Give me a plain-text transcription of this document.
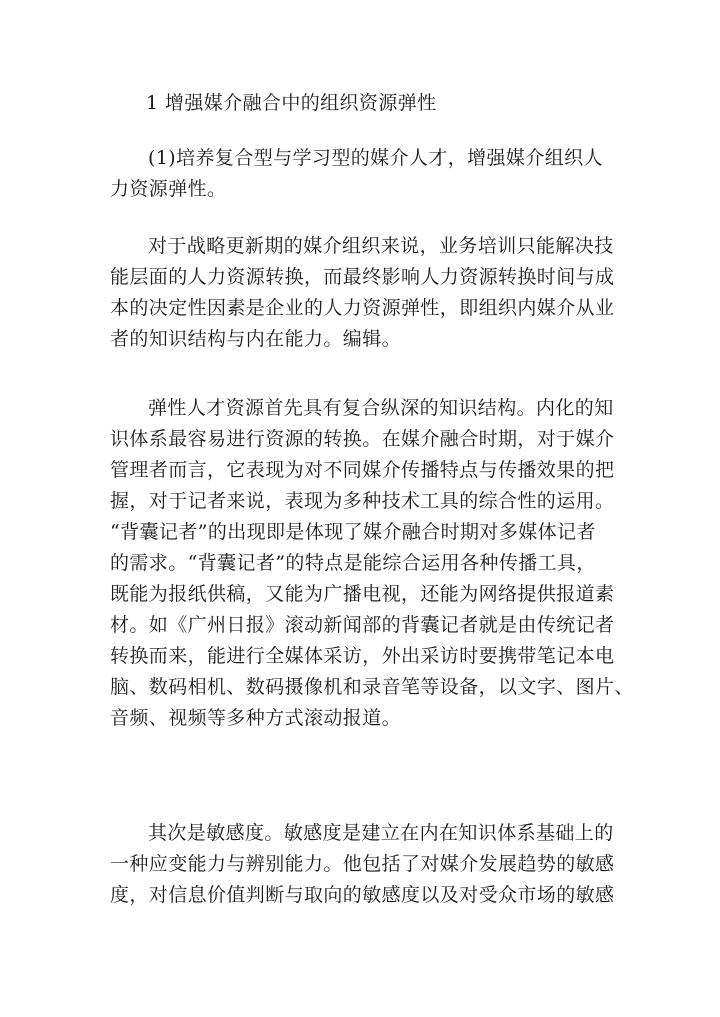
1 增强媒介融合中的组织资源弹性

(1)培养复合型与学习型的媒介人才，增强媒介组织人
力资源弹性。

对于战略更新期的媒介组织来说，业务培训只能解决技
能层面的人力资源转换，而最终影响人力资源转换时间与成
本的决定性因素是企业的人力资源弹性，即组织内媒介从业
者的知识结构与内在能力。编辑。

弹性人才资源首先具有复合纵深的知识结构。内化的知
识体系最容易进行资源的转换。在媒介融合时期，对于媒介
管理者而言，它表现为对不同媒介传播特点与传播效果的把
握，对于记者来说，表现为多种技术工具的综合性的运用。
“背囊记者”的出现即是体现了媒介融合时期对多媒体记者
的需求。“背囊记者”的特点是能综合运用各种传播工具，
既能为报纸供稿，又能为广播电视，还能为网络提供报道素
材。如《广州日报》滚动新闻部的背囊记者就是由传统记者
转换而来，能进行全媒体采访，外出采访时要携带笔记本电
脑、数码相机、数码摄像机和录音笔等设备，以文字、图片、
音频、视频等多种方式滚动报道。

其次是敏感度。敏感度是建立在内在知识体系基础上的
一种应变能力与辨别能力。他包括了对媒介发展趋势的敏感
度，对信息价值判断与取向的敏感度以及对受众市场的敏感
